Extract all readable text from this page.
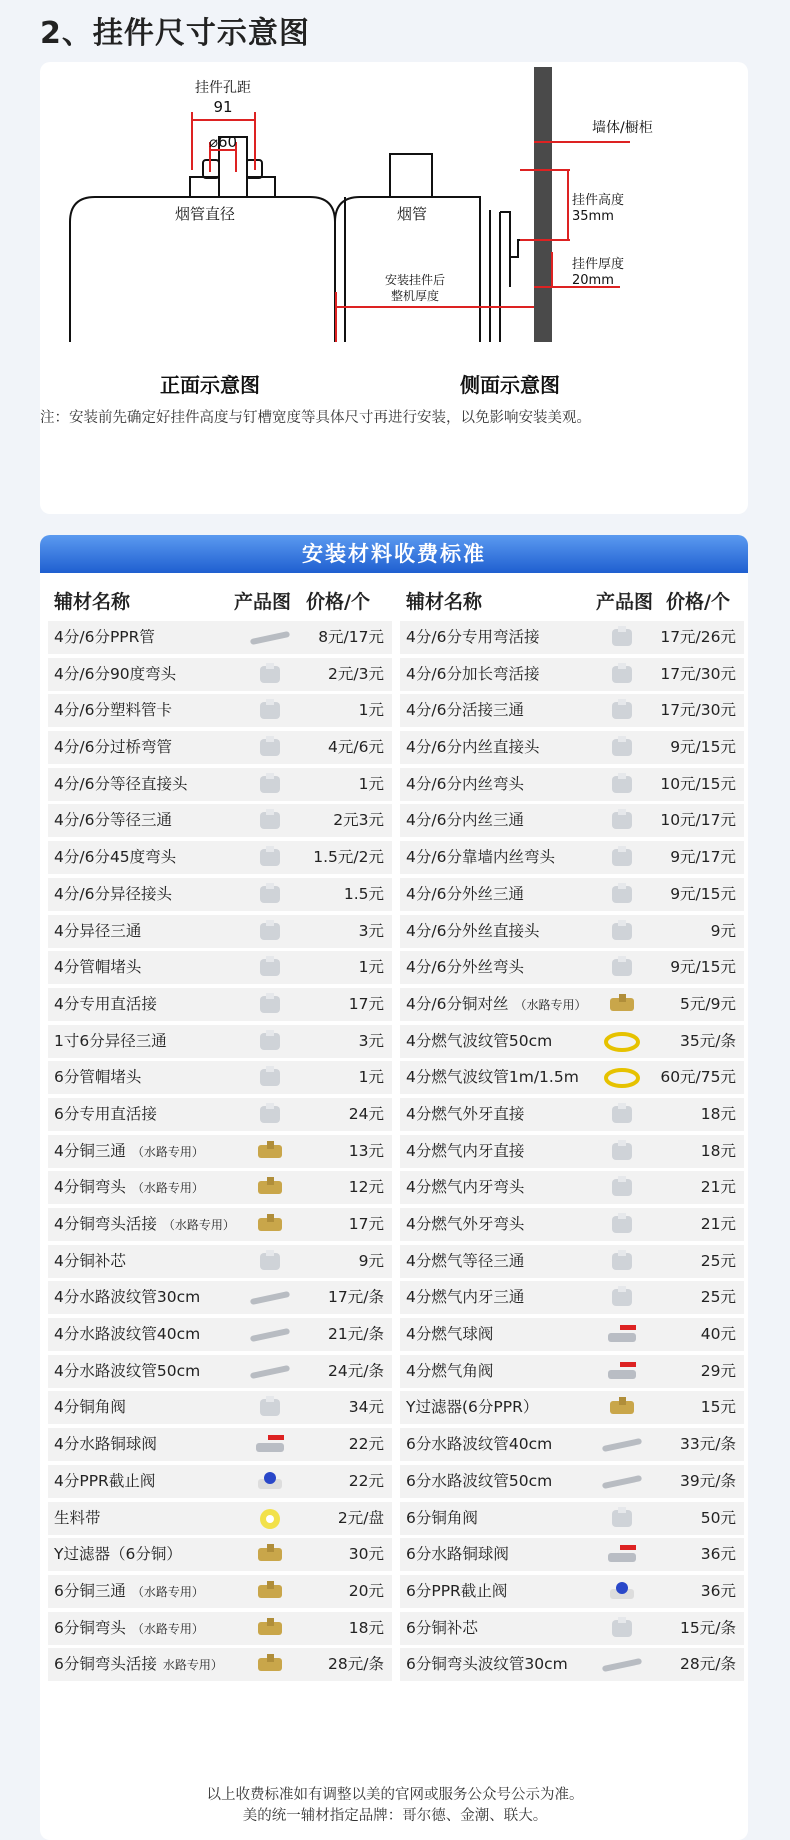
2、挂件尺寸示意图
挂件孔距
91
⌀60
烟管直径
墙体/橱柜
挂件高度
35mm
挂件厚度
20mm
烟管
安装挂件后
整机厚度
正面示意图	侧面示意图
注：安装前先确定好挂件高度与钉槽宽度等具体尺寸再进行安装，以免影响安装美观。
安装材料收费标准
辅材名称	产品图 价格/个
4分/6分PPR管	8元/17元
4分/6分90度弯头	2元/3元
4分/6分塑料管卡	1元
4分/6分过桥弯管	4元/6元
4分/6分等径直接头	1元
4分/6分等径三通	2元3元
4分/6分45度弯头	1.5元/2元
4分/6分异径接头	1.5元
4分异径三通	3元
4分管帽堵头	1元
4分专用直活接	17元
1寸6分异径三通	3元
6分管帽堵头	1元
6分专用直活接	24元
4分铜三通 （水路专用）	13元
4分铜弯头 （水路专用）	12元
4分铜弯头活接 （水路专用）	17元
4分铜补芯	9元
4分水路波纹管30cm	17元/条
4分水路波纹管40cm	21元/条
4分水路波纹管50cm	24元/条
4分铜角阀	34元
4分水路铜球阀	22元
4分PPR截止阀	22元
生料带	2元/盘
Y过滤器（6分铜）	30元
6分铜三通 （水路专用）	20元
6分铜弯头 （水路专用）	18元
6分铜弯头活接 水路专用）	28元/条
辅材名称	产品图 价格/个
4分/6分专用弯活接	17元/26元
4分/6分加长弯活接	17元/30元
4分/6分活接三通	17元/30元
4分/6分内丝直接头	9元/15元
4分/6分内丝弯头	10元/15元
4分/6分内丝三通	10元/17元
4分/6分靠墙内丝弯头	9元/17元
4分/6分外丝三通	9元/15元
4分/6分外丝直接头	9元
4分/6分外丝弯头	9元/15元
4分/6分铜对丝 （水路专用）	5元/9元
4分燃气波纹管50cm	35元/条
4分燃气波纹管1m/1.5m	60元/75元
4分燃气外牙直接	18元
4分燃气内牙直接	18元
4分燃气内牙弯头	21元
4分燃气外牙弯头	21元
4分燃气等径三通	25元
4分燃气内牙三通	25元
4分燃气球阀	40元
4分燃气角阀	29元
Y过滤器(6分PPR）	15元
6分水路波纹管40cm	33元/条
6分水路波纹管50cm	39元/条
6分铜角阀	50元
6分水路铜球阀	36元
6分PPR截止阀	36元
6分铜补芯	15元/条
6分铜弯头波纹管30cm	28元/条
以上收费标准如有调整以美的官网或服务公众号公示为准。
美的统一辅材指定品牌：哥尔德、金潮、联大。
